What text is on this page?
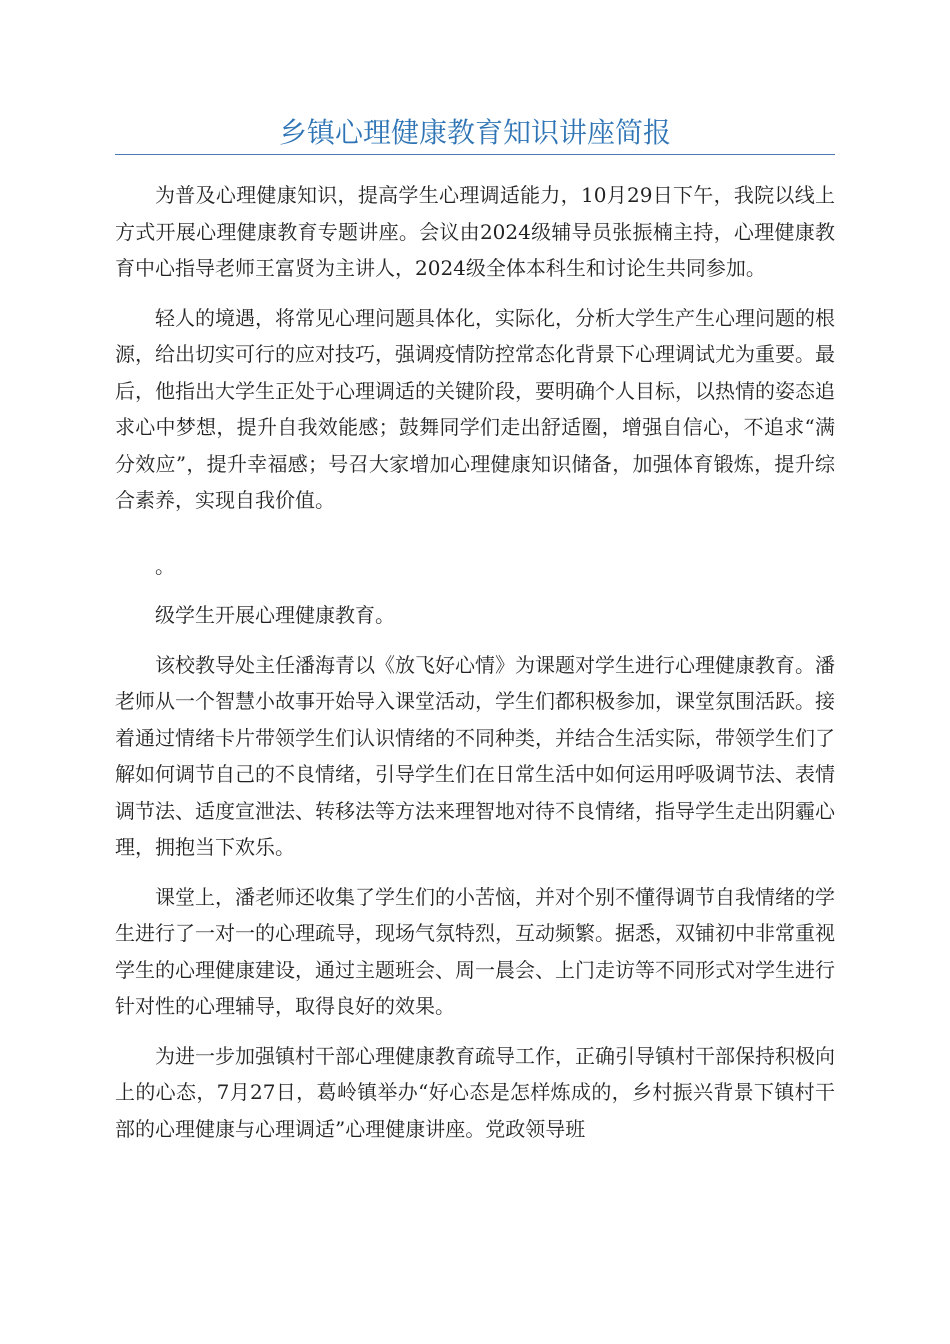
乡镇心理健康教育知识讲座简报

为普及心理健康知识，提高学生心理调适能力，10月29日下午，我院以线上方式开展心理健康教育专题讲座。会议由2024级辅导员张振楠主持，心理健康教育中心指导老师王富贤为主讲人，2024级全体本科生和讨论生共同参加。

轻人的境遇，将常见心理问题具体化，实际化，分析大学生产生心理问题的根源，给出切实可行的应对技巧，强调疫情防控常态化背景下心理调试尤为重要。最后，他指出大学生正处于心理调适的关键阶段，要明确个人目标，以热情的姿态追求心中梦想，提升自我效能感；鼓舞同学们走出舒适圈，增强自信心，不追求“满分效应”，提升幸福感；号召大家增加心理健康知识储备，加强体育锻炼，提升综合素养，实现自我价值。

。

级学生开展心理健康教育。

该校教导处主任潘海青以《放飞好心情》为课题对学生进行心理健康教育。潘老师从一个智慧小故事开始导入课堂活动，学生们都积极参加，课堂氛围活跃。接着通过情绪卡片带领学生们认识情绪的不同种类，并结合生活实际，带领学生们了解如何调节自己的不良情绪，引导学生们在日常生活中如何运用呼吸调节法、表情调节法、适度宣泄法、转移法等方法来理智地对待不良情绪，指导学生走出阴霾心理，拥抱当下欢乐。

课堂上，潘老师还收集了学生们的小苦恼，并对个别不懂得调节自我情绪的学生进行了一对一的心理疏导，现场气氛特烈，互动频繁。据悉，双铺初中非常重视学生的心理健康建设，通过主题班会、周一晨会、上门走访等不同形式对学生进行针对性的心理辅导，取得良好的效果。

为进一步加强镇村干部心理健康教育疏导工作，正确引导镇村干部保持积极向上的心态，7月27日，葛岭镇举办“好心态是怎样炼成的，乡村振兴背景下镇村干部的心理健康与心理调适”心理健康讲座。党政领导班
